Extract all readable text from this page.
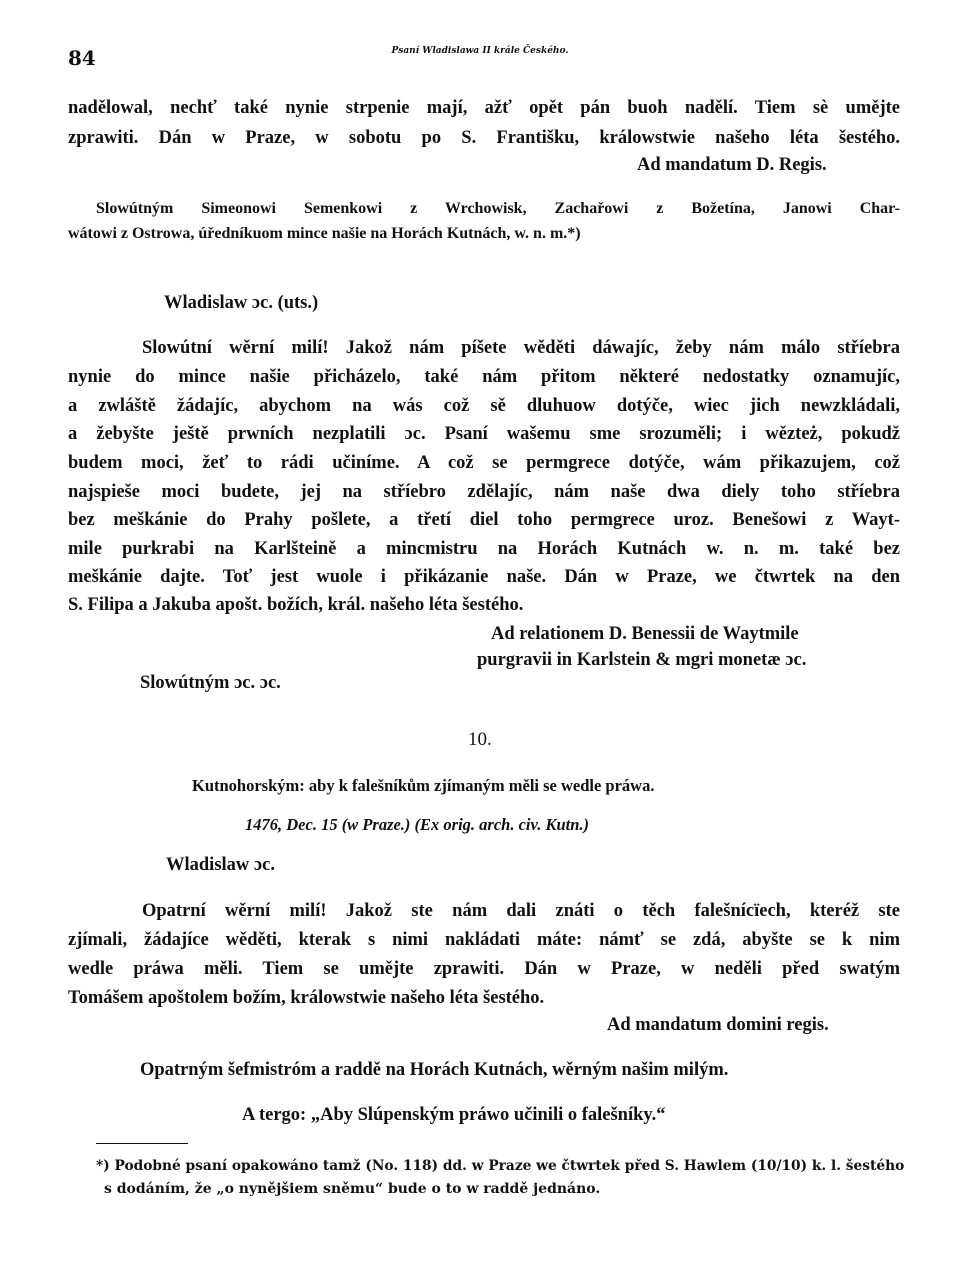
84	Psaní Wladislawa II krále Českého.
nadělowal, nechť také nynie strpenie mají, ažť opět pán buoh nadělí. Tiem sè umějte
zprawiti. Dán w Praze, w sobotu po S. Františku, králowstwie našeho léta šestého.
Ad mandatum D. Regis.
Slowútným Simeonowi Semenkowi z Wrchowisk, Zachařowi z Božetína, Janowi Char-
wátowi z Ostrowa, úředníkuom mince našie na Horách Kutnách, w. n. m.*)
Wladislaw ɔc. (uts.)
Slowútní wěrní milí! Jakož nám píšete wěděti dáwajíc, žeby nám málo stříebra
nynie do mince našie přicházelo, také nám přitom některé nedostatky oznamujíc,
a zwláště žádajíc, abychom na wás což sě dluhuow dotýče, wiec jich newzkládali,
a žebyšte ještě prwních nezplatili ɔc. Psaní wašemu sme srozuměli; i wězteż, pokudž
budem moci, žeť to rádi učiníme. A což se permgrece dotýče, wám přikazujem, což
najspieše moci budete, jej na stříebro zdělajíc, nám naše dwa diely toho stříebra
bez meškánie do Prahy pošlete, a třetí diel toho permgrece uroz. Benešowi z Wayt-
mile purkrabi na Karlšteině a mincmistru na Horách Kutnách w. n. m. také bez
meškánie dajte. Toť jest wuole i přikázanie naše. Dán w Praze, we čtwrtek na den
S. Filipa a Jakuba apošt. božích, král. našeho léta šestého.
Ad relationem D. Benessii de Waytmile
purgravii in Karlstein & mgri monetæ ɔc.
Slowútným ɔc. ɔc.
10.
Kutnohorským: aby k falešníkům zjímaným měli se wedle práwa.
1476, Dec. 15 (w Praze.) (Ex orig. arch. civ. Kutn.)
Wladislaw ɔc.
Opatrní wěrní milí! Jakož ste nám dali znáti o těch falešnícïech, kteréž ste
zjímali, žádajíce wěděti, kterak s nimi nakládati máte: námť se zdá, abyšte se k nim
wedle práwa měli. Tiem se umějte zprawiti. Dán w Praze, w neděli před swatým
Tomášem apoštolem božím, králowstwie našeho léta šestého.
Ad mandatum domini regis.
Opatrným šefmistróm a raddě na Horách Kutnách, wěrným našim milým.
A tergo: „Aby Slúpenským práwo učinili o falešníky.“
*) Podobné psaní opakowáno tamž (No. 118) dd. w Praze we čtwrtek před S. Hawlem (10/10) k. l. šestého
s dodáním, že „o nynějšiem sněmu“ bude o to w raddě jednáno.
